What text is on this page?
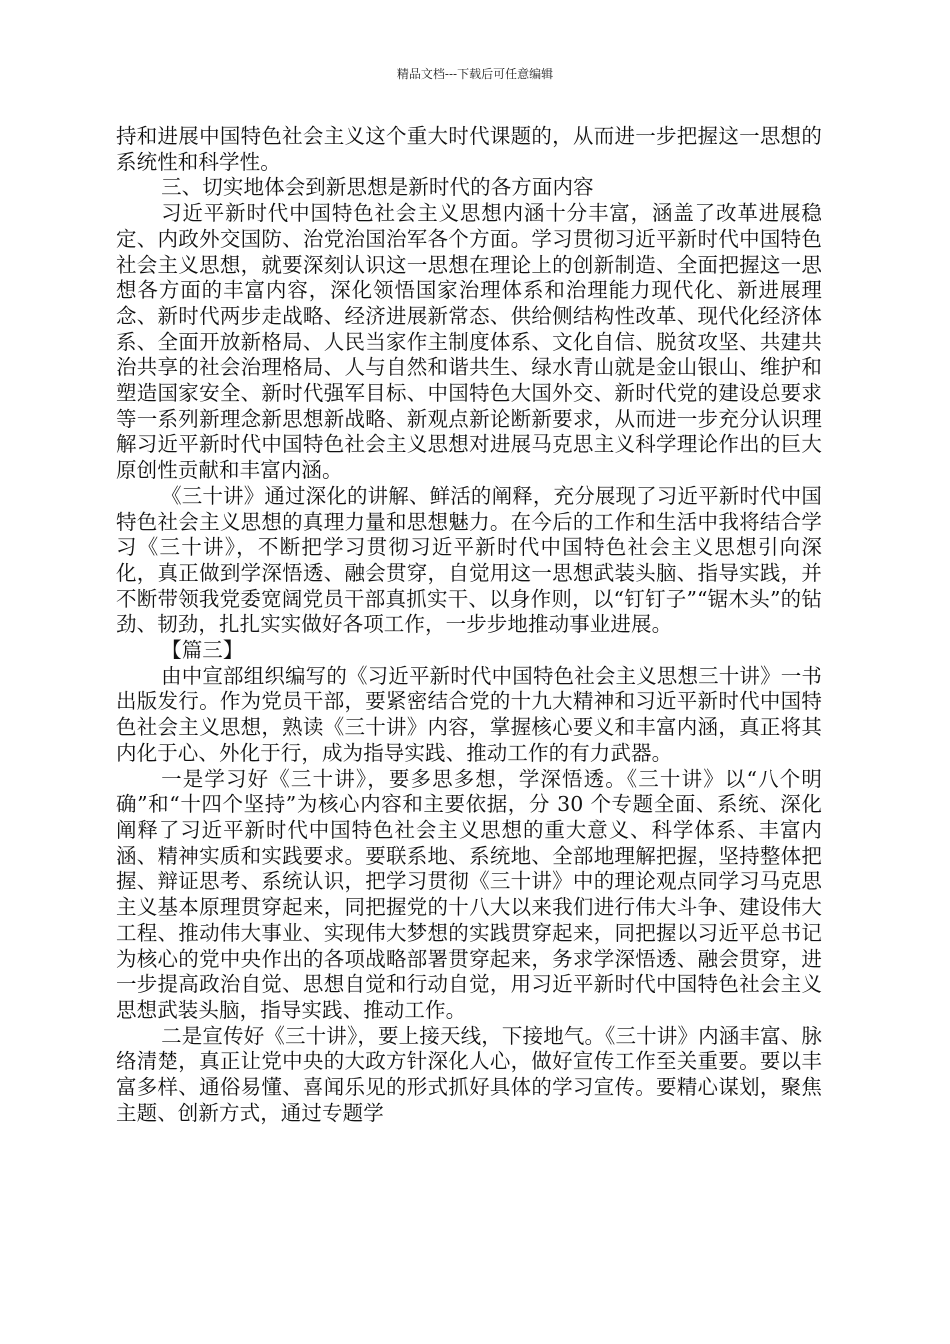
精品文档---下载后可任意编辑

持和进展中国特色社会主义这个重大时代课题的，从而进一步把握这一思想的系统性和科学性。

三、切实地体会到新思想是新时代的各方面内容

习近平新时代中国特色社会主义思想内涵十分丰富，涵盖了改革进展稳定、内政外交国防、治党治国治军各个方面。学习贯彻习近平新时代中国特色社会主义思想，就要深刻认识这一思想在理论上的创新制造、全面把握这一思想各方面的丰富内容，深化领悟国家治理体系和治理能力现代化、新进展理念、新时代两步走战略、经济进展新常态、供给侧结构性改革、现代化经济体系、全面开放新格局、人民当家作主制度体系、文化自信、脱贫攻坚、共建共治共享的社会治理格局、人与自然和谐共生、绿水青山就是金山银山、维护和塑造国家安全、新时代强军目标、中国特色大国外交、新时代党的建设总要求等一系列新理念新思想新战略、新观点新论断新要求，从而进一步充分认识理解习近平新时代中国特色社会主义思想对进展马克思主义科学理论作出的巨大原创性贡献和丰富内涵。

《三十讲》通过深化的讲解、鲜活的阐释，充分展现了习近平新时代中国特色社会主义思想的真理力量和思想魅力。在今后的工作和生活中我将结合学习《三十讲》，不断把学习贯彻习近平新时代中国特色社会主义思想引向深化，真正做到学深悟透、融会贯穿，自觉用这一思想武装头脑、指导实践，并不断带领我党委宽阔党员干部真抓实干、以身作则，以“钉钉子”“锯木头”的钻劲、韧劲，扎扎实实做好各项工作，一步步地推动事业进展。

【篇三】

由中宣部组织编写的《习近平新时代中国特色社会主义思想三十讲》一书出版发行。作为党员干部，要紧密结合党的十九大精神和习近平新时代中国特色社会主义思想，熟读《三十讲》内容，掌握核心要义和丰富内涵，真正将其内化于心、外化于行，成为指导实践、推动工作的有力武器。

一是学习好《三十讲》，要多思多想，学深悟透。《三十讲》以“八个明确”和“十四个坚持”为核心内容和主要依据，分 30 个专题全面、系统、深化阐释了习近平新时代中国特色社会主义思想的重大意义、科学体系、丰富内涵、精神实质和实践要求。要联系地、系统地、全部地理解把握，坚持整体把握、辩证思考、系统认识，把学习贯彻《三十讲》中的理论观点同学习马克思主义基本原理贯穿起来，同把握党的十八大以来我们进行伟大斗争、建设伟大工程、推动伟大事业、实现伟大梦想的实践贯穿起来，同把握以习近平总书记为核心的党中央作出的各项战略部署贯穿起来，务求学深悟透、融会贯穿，进一步提高政治自觉、思想自觉和行动自觉，用习近平新时代中国特色社会主义思想武装头脑，指导实践、推动工作。

二是宣传好《三十讲》，要上接天线，下接地气。《三十讲》内涵丰富、脉络清楚，真正让党中央的大政方针深化人心，做好宣传工作至关重要。要以丰富多样、通俗易懂、喜闻乐见的形式抓好具体的学习宣传。要精心谋划，聚焦主题、创新方式，通过专题学
